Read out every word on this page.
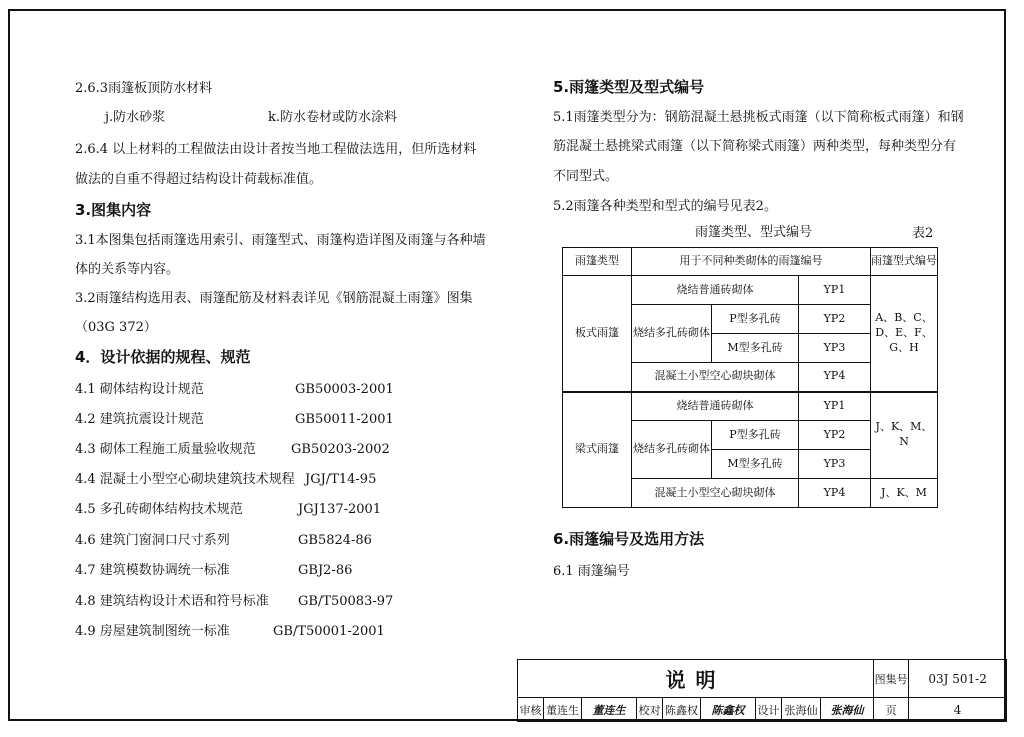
2.6.3雨篷板顶防水材料
j.防水砂浆	k.防水卷材或防水涂料
2.6.4 以上材料的工程做法由设计者按当地工程做法选用，但所选材料
做法的自重不得超过结构设计荷载标准值。
3.图集内容
3.1本图集包括雨篷选用索引、雨篷型式、雨篷构造详图及雨篷与各种墙
体的关系等内容。
3.2雨篷结构选用表、雨篷配筋及材料表详见《钢筋混凝土雨篷》图集
（03G 372）
4．设计依据的规程、规范
4.1 砌体结构设计规范	GB50003-2001
4.2 建筑抗震设计规范	GB50011-2001
4.3 砌体工程施工质量验收规范	GB50203-2002
4.4 混凝土小型空心砌块建筑技术规程 JGJ/T14-95
4.5 多孔砖砌体结构技术规范	JGJ137-2001
4.6 建筑门窗洞口尺寸系列	GB5824-86
4.7 建筑模数协调统一标准	GBJ2-86
4.8 建筑结构设计术语和符号标准 GB/T50083-97
4.9 房屋建筑制图统一标准	GB/T50001-2001
5.雨篷类型及型式编号
5.1雨篷类型分为：钢筋混凝土悬挑板式雨篷（以下简称板式雨篷）和钢
筋混凝土悬挑梁式雨篷（以下简称梁式雨篷）两种类型，每种类型分有
不同型式。
5.2雨篷各种类型和型式的编号见表2。
雨篷类型、型式编号	表2
雨篷类型	用于不同种类砌体的雨篷编号			雨篷型式编号
板式雨篷	烧结普通砖砌体		YP1	A、B、C、D、E、F、G、H
	烧结多孔砖砌体	P型多孔砖	YP2	
		M型多孔砖	YP3	
	混凝土小型空心砌块砌体		YP4	
梁式雨篷	烧结普通砖砌体		YP1	J、K、M、N
	烧结多孔砖砌体	P型多孔砖	YP2	
		M型多孔砖	YP3	
	混凝土小型空心砌块砌体		YP4	J、K、M
6.雨篷编号及选用方法
6.1 雨篷编号
说明									图集号	03J 501-2
审核	董连生	董连生	校对	陈鑫权	陈鑫权	设计	张海仙	张海仙	页	4
